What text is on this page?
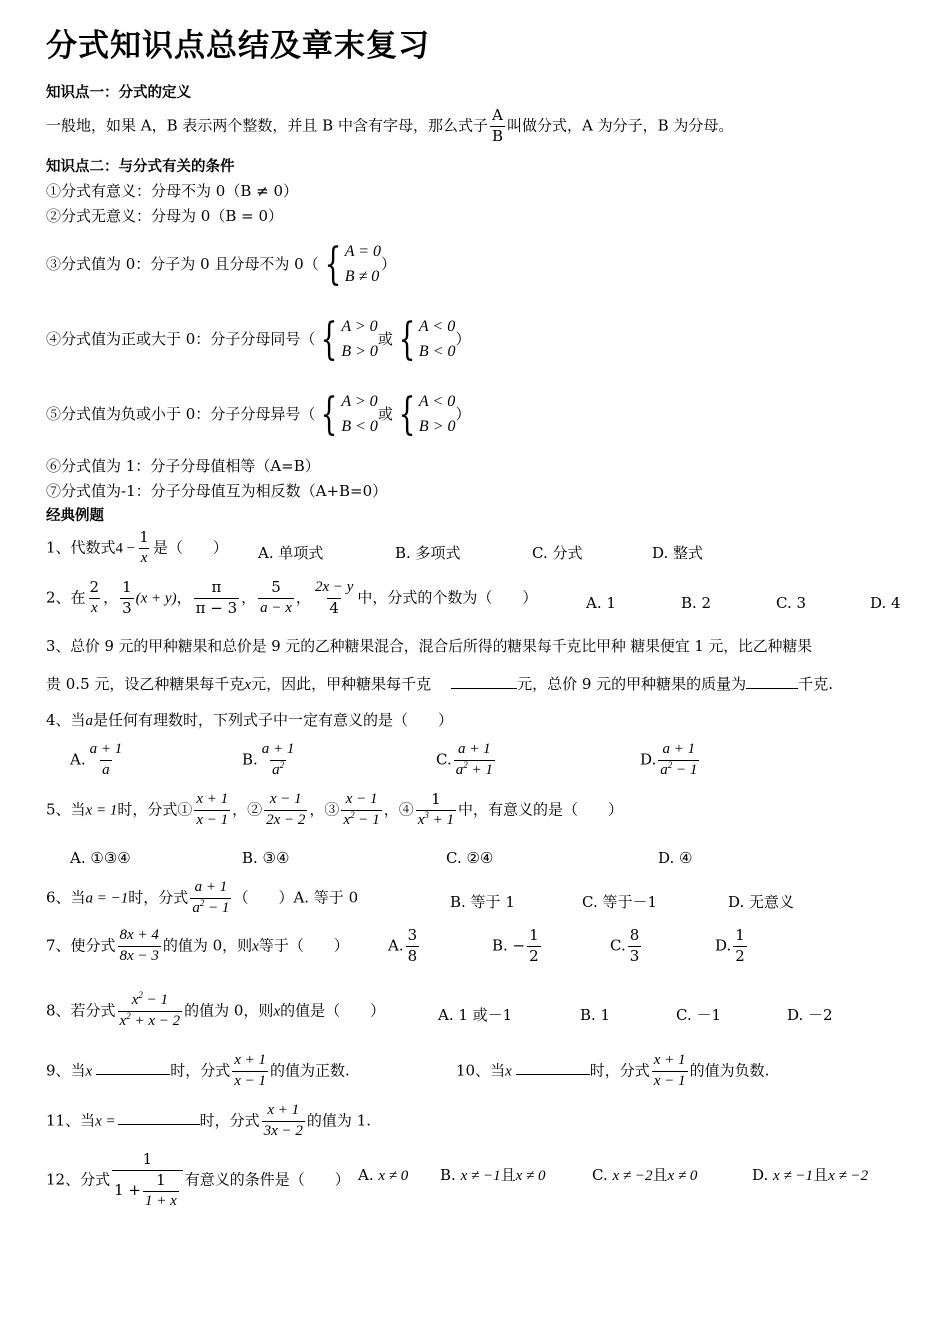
分式知识点总结及章末复习
知识点一：分式的定义
一般地，如果 A，B 表示两个整数，并且 B 中含有字母，那么式子 $\frac{A}{B}$ 叫做分式，A 为分子，B 为分母。
知识点二：与分式有关的条件
①分式有意义：分母不为 0（B ≠ 0）
②分式无意义：分母为 0（B = 0）
③分式值为 0：分子为 0 且分母不为 0（ { A = 0
B ≠ 0
）
④分式值为正或大于 0：分子分母同号（ { A > 0
B > 0
或 { A < 0
B < 0
）
⑤分式值为负或小于 0：分子分母异号（ { A > 0
B < 0
或 { A < 0
B > 0
）
⑥分式值为 1：分子分母值相等（A=B）
⑦分式值为-1：分子分母值互为相反数（A+B=0）
经典例题
1、代数式$4 - \frac{1}{x}$ 是（　　） A. 单项式	B. 多项式	C. 分式	D. 整式
2、在 $\frac{2}{x}$ ， $\frac{1}{3} (x + y)$， $\frac{\pi}{\pi - 3}$ ， $\frac{5}{a - x}$ ， $\frac{2x - y}{4}$ 中，分式的个数为（　　）	A. 1	B. 2	C. 3	D. 4
3、总价 9 元的甲种糖果和总价是 9 元的乙种糖果混合，混合后所得的糖果每千克比甲种 糖果便宜 1 元，比乙种糖果
贵 0.5 元，设乙种糖果每千克x元，因此，甲种糖果每千克	元，总价 9 元的甲种糖果的质量为	千克.
4、当a是任何有理数时，下列式子中一定有意义的是（　　）
A. $\frac{a + 1}{a}$	B. $\frac{a + 1}{a^2}$	C. $\frac{a + 1}{a^2 + 1}$	D. $\frac{a + 1}{a^2 - 1}$
5、当x = 1时，分式① $\frac{x + 1}{x - 1}$ ，② $\frac{x - 1}{2x - 2}$ ，③ $\frac{x - 1}{x^2 - 1}$ ，④ $\frac{1}{x^3 + 1}$ 中，有意义的是（　　）
A. ①③④	B. ③④	C. ②④	D. ④
6、当a = −1时，分式 $\frac{a + 1}{a^2 - 1}$ （　　）A. 等于 0	B. 等于 1	C. 等于－1	D. 无意义
7、使分式 $\frac{8x + 4}{8x - 3}$ 的值为 0，则x等于（　　）	A. $\frac{3}{8}$	B. − $\frac{1}{2}$	C. $\frac{8}{3}$	D. $\frac{1}{2}$
8、若分式 $\frac{x^2 - 1}{x^2 + x - 2}$ 的值为 0，则x的值是（　　）	A. 1 或－1	B. 1	C. －1	D. －2
9、当x	时，分式 $\frac{x + 1}{x - 1}$ 的值为正数.	10、当x	时，分式 $\frac{x + 1}{x - 1}$ 的值为负数.
11、当x =	时，分式 $\frac{x + 1}{3x - 2}$ 的值为 1.
12、分式 $\frac{1}{1 + \frac{1}{1 + x}}$ 有意义的条件是（　　） A. x ≠ 0 B. x ≠ −1且x ≠ 0	C. x ≠ −2且x ≠ 0	D. x ≠ −1且x ≠ −2
